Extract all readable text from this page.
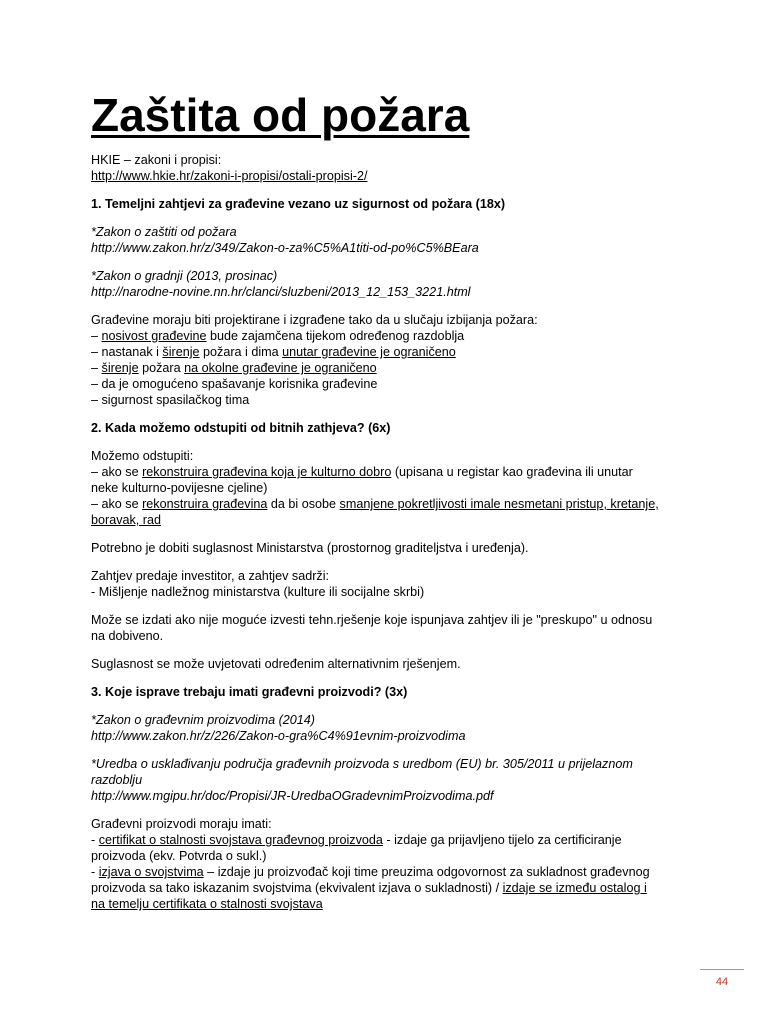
Zaštita od požara

HKIE – zakoni i propisi:

http://www.hkie.hr/zakoni-i-propisi/ostali-propisi-2/

1. Temeljni zahtjevi za građevine vezano uz sigurnost od požara (18x)

*Zakon o zaštiti od požara

http://www.zakon.hr/z/349/Zakon-o-za%C5%A1titi-od-po%C5%BEara

*Zakon o gradnji (2013, prosinac)

http://narodne-novine.nn.hr/clanci/sluzbeni/2013_12_153_3221.html

Građevine moraju biti projektirane i izgrađene tako da u slučaju izbijanja požara:

– nosivost građevine bude zajamčena tijekom određenog razdoblja

– nastanak i širenje požara i dima unutar građevine je ograničeno

– širenje požara na okolne građevine je ograničeno

– da je omogućeno spašavanje korisnika građevine

– sigurnost spasilačkog tima

2. Kada možemo odstupiti od bitnih zathjeva? (6x)

Možemo odstupiti:

– ako se rekonstruira građevina koja je kulturno dobro (upisana u registar kao građevina ili unutar

neke kulturno-povijesne cjeline)

– ako se rekonstruira građevina da bi osobe smanjene pokretljivosti imale nesmetani pristup, kretanje,

boravak, rad

Potrebno je dobiti suglasnost Ministarstva (prostornog graditeljstva i uređenja).

Zahtjev predaje investitor, a zahtjev sadrži:

- Mišljenje nadležnog ministarstva (kulture ili socijalne skrbi)

Može se izdati ako nije moguće izvesti tehn.rješenje koje ispunjava zahtjev ili je "preskupo" u odnosu

na dobiveno.

Suglasnost se može uvjetovati određenim alternativnim rješenjem.

3. Koje isprave trebaju imati građevni proizvodi? (3x)

*Zakon o građevnim proizvodima (2014)

http://www.zakon.hr/z/226/Zakon-o-gra%C4%91evnim-proizvodima

*Uredba o usklađivanju područja građevnih proizvoda s uredbom (EU) br. 305/2011 u prijelaznom

razdoblju

http://www.mgipu.hr/doc/Propisi/JR-UredbaOGradevnimProizvodima.pdf

Građevni proizvodi moraju imati:

- certifikat o stalnosti svojstava građevnog proizvoda - izdaje ga prijavljeno tijelo za certificiranje

proizvoda (ekv. Potvrda o sukl.)

- izjava o svojstvima – izdaje ju proizvođač koji time preuzima odgovornost za sukladnost građevnog

proizvoda sa tako iskazanim svojstvima (ekvivalent izjava o sukladnosti) / izdaje se između ostalog i

na temelju certifikata o stalnosti svojstava

44
